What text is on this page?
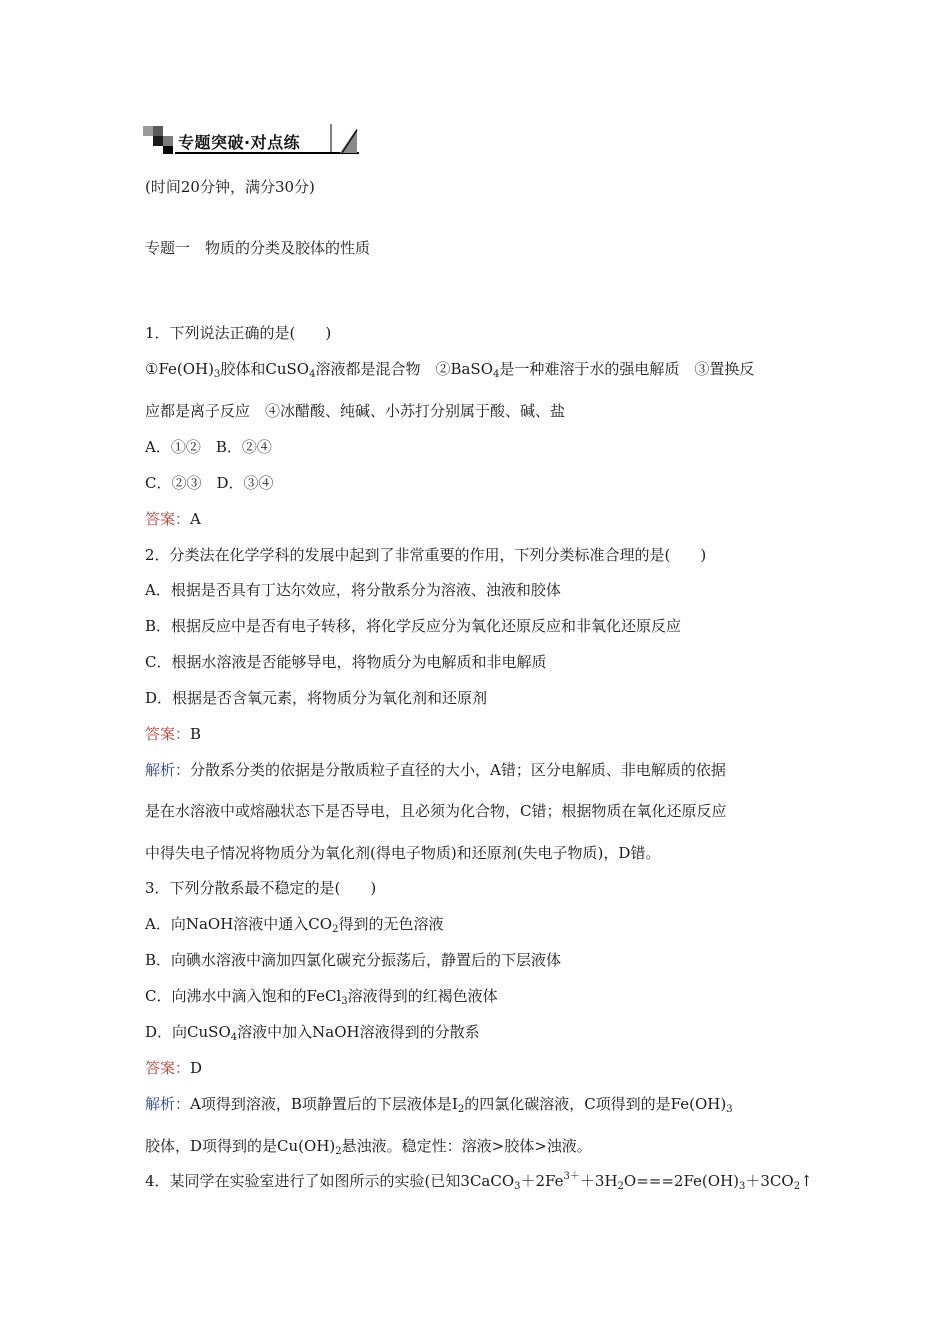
专题突破·对点练
(时间20分钟，满分30分)
专题一　物质的分类及胶体的性质
1．下列说法正确的是(　　)
$①Fe(OH)_3$胶体和CuSO$_4$溶液都是混合物　②BaSO$_4$是一种难溶于水的强电解质　③置换反
应都是离子反应　④冰醋酸、纯碱、小苏打分别属于酸、碱、盐
A．①②　B．②④
C．②③　D．③④
答案：A
2．分类法在化学学科的发展中起到了非常重要的作用，下列分类标准合理的是(　　)
A．根据是否具有丁达尔效应，将分散系分为溶液、浊液和胶体
B．根据反应中是否有电子转移，将化学反应分为氧化还原反应和非氧化还原反应
C．根据水溶液是否能够导电，将物质分为电解质和非电解质
D．根据是否含氧元素，将物质分为氧化剂和还原剂
答案：B
解析：分散系分类的依据是分散质粒子直径的大小，A错；区分电解质、非电解质的依据
是在水溶液中或熔融状态下是否导电，且必须为化合物，C错；根据物质在氧化还原反应
中得失电子情况将物质分为氧化剂(得电子物质)和还原剂(失电子物质)，D错。
3．下列分散系最不稳定的是(　　)
A．向NaOH溶液中通入$CO_2$得到的无色溶液
B．向碘水溶液中滴加四氯化碳充分振荡后，静置后的下层液体
C．向沸水中滴入饱和的FeCl$_3$溶液得到的红褐色液体
D．向CuSO$_4$溶液中加入NaOH溶液得到的分散系
答案：D
解析：A项得到溶液，B项静置后的下层液体是$I_2$的四氯化碳溶液，C项得到的是$Fe(OH)_3$
胶体，D项得到的是$Cu(OH)_2$悬浊液。稳定性：溶液>胶体>浊液。
4．某同学在实验室进行了如图所示的实验(已知$3CaCO_3+2Fe^{3+}+3H_2O===2Fe(OH)_3+3CO_2↑$
